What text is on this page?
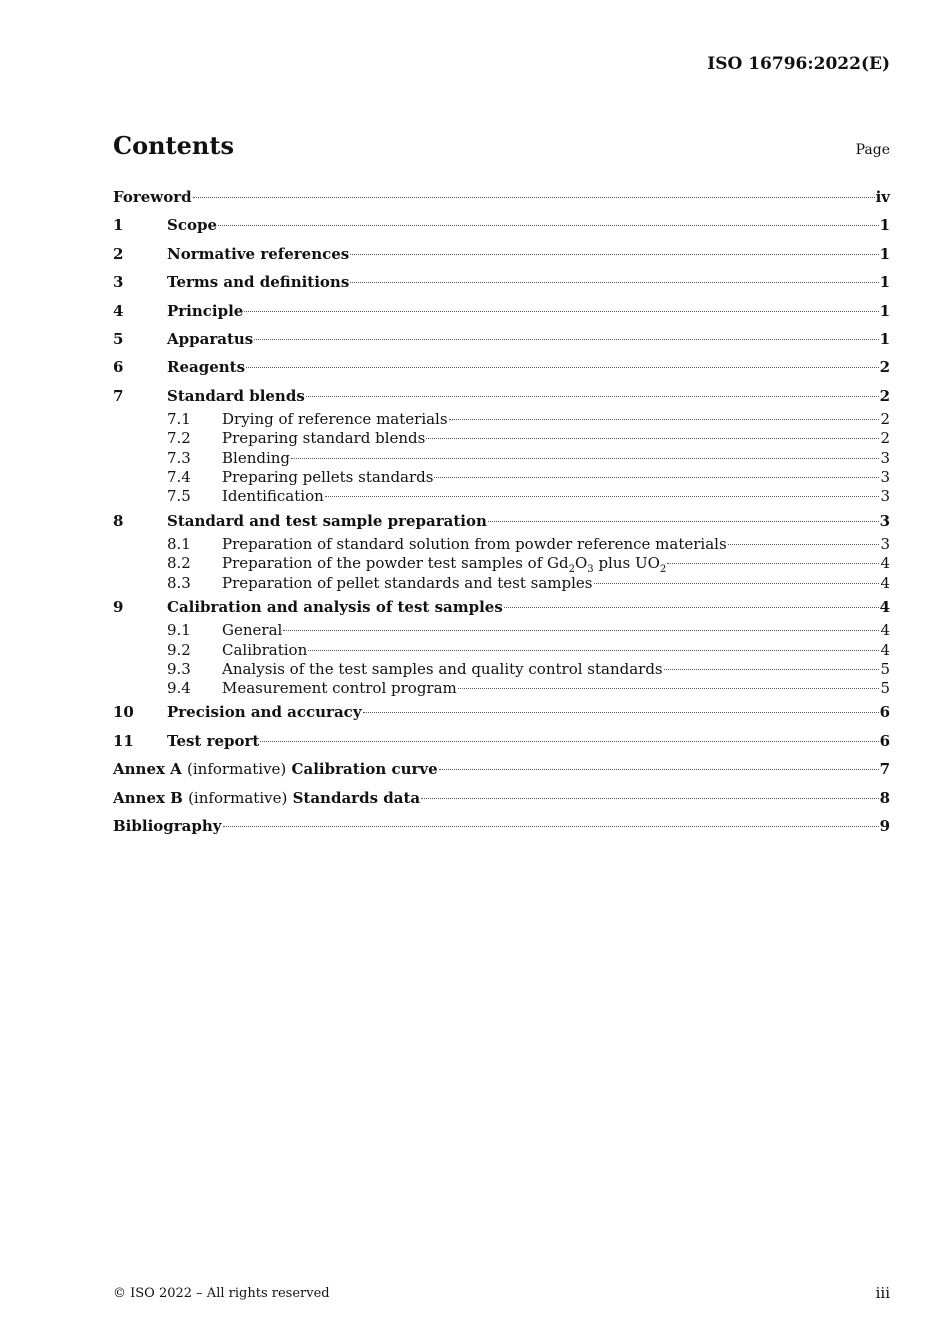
ISO 16796:2022(E)
Contents	Page
Foreword	iv
1	Scope	1
2	Normative references	1
3	Terms and definitions	1
4	Principle	1
5	Apparatus	1
6	Reagents	2
7	Standard blends	2
7.1	Drying of reference materials	2
7.2	Preparing standard blends	2
7.3	Blending	3
7.4	Preparing pellets standards	3
7.5	Identification	3
8	Standard and test sample preparation	3
8.1	Preparation of standard solution from powder reference materials	3
8.2	Preparation of the powder test samples of $Gd_2O_3$ plus $UO_2$	4
8.3	Preparation of pellet standards and test samples	4
9	Calibration and analysis of test samples	4
9.1	General	4
9.2	Calibration	4
9.3	Analysis of the test samples and quality control standards	5
9.4	Measurement control program	5
10	Precision and accuracy	6
11	Test report	6
Annex A (informative) Calibration curve	7
Annex B (informative) Standards data	8
Bibliography	9
© ISO 2022 – All rights reserved	iii
